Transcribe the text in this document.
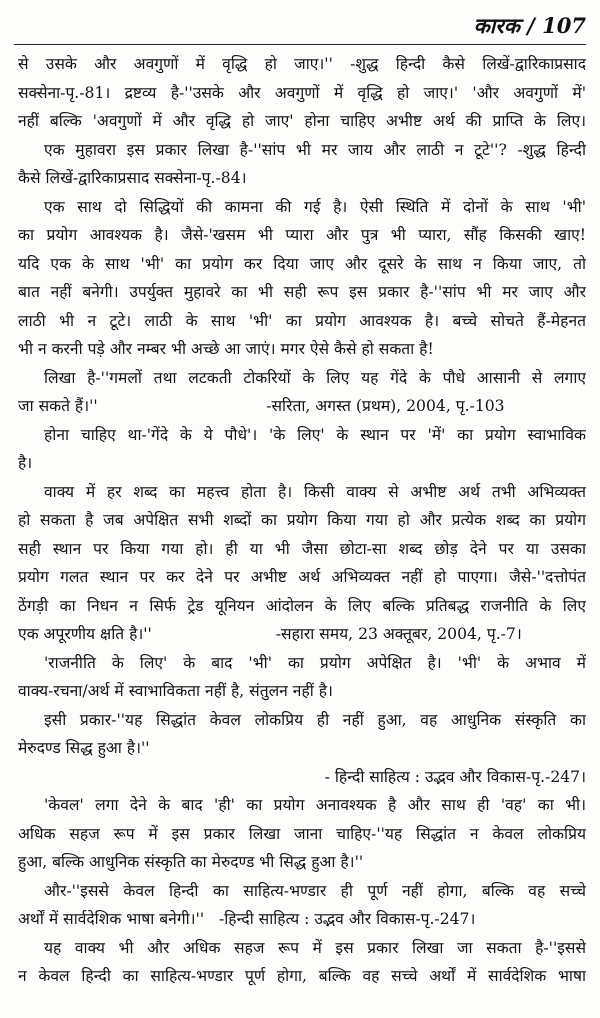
कारक / 107
से उसके और अवगुणों में वृद्धि हो जाए।'' -शुद्ध हिन्दी कैसे लिखें-द्वारिकाप्रसाद
सक्सेना-पृ.-81। द्रष्टव्य है-''उसके और अवगुणों में वृद्धि हो जाए।' 'और अवगुणों में'
नहीं बल्कि 'अवगुणों में और वृद्धि हो जाए' होना चाहिए अभीष्ट अर्थ की प्राप्ति के लिए।
एक मुहावरा इस प्रकार लिखा है-''सांप भी मर जाय और लाठी न टूटे''? -शुद्ध हिन्दी
कैसे लिखें-द्वारिकाप्रसाद सक्सेना-पृ.-84।
एक साथ दो सिद्धियों की कामना की गई है। ऐसी स्थिति में दोनों के साथ 'भी'
का प्रयोग आवश्यक है। जैसे-'खसम भी प्यारा और पुत्र भी प्यारा, सौंह किसकी खाए!
यदि एक के साथ 'भी' का प्रयोग कर दिया जाए और दूसरे के साथ न किया जाए, तो
बात नहीं बनेगी। उपर्युक्त मुहावरे का भी सही रूप इस प्रकार है-''सांप भी मर जाए और
लाठी भी न टूटे। लाठी के साथ 'भी' का प्रयोग आवश्यक है। बच्चे सोचते हैं-मेहनत
भी न करनी पड़े और नम्बर भी अच्छे आ जाएं। मगर ऐसे कैसे हो सकता है!
लिखा है-''गमलों तथा लटकती टोकरियों के लिए यह गेंदे के पौधे आसानी से लगाए
जा सकते हैं।''                                  -सरिता, अगस्त (प्रथम), 2004, पृ.-103
होना चाहिए था-'गेंदे के ये पौधे'। 'के लिए' के स्थान पर 'में' का प्रयोग स्वाभाविक
है।
वाक्य में हर शब्द का महत्त्व होता है। किसी वाक्य से अभीष्ट अर्थ तभी अभिव्यक्त
हो सकता है जब अपेक्षित सभी शब्दों का प्रयोग किया गया हो और प्रत्येक शब्द का प्रयोग
सही स्थान पर किया गया हो। ही या भी जैसा छोटा-सा शब्द छोड़ देने पर या उसका
प्रयोग गलत स्थान पर कर देने पर अभीष्ट अर्थ अभिव्यक्त नहीं हो पाएगा। जैसे-''दत्तोपंत
ठेंगड़ी का निधन न सिर्फ ट्रेड यूनियन आंदोलन के लिए बल्कि प्रतिबद्ध राजनीति के लिए
एक अपूरणीय क्षति है।''                         -सहारा समय, 23 अक्तूबर, 2004, पृ.-7।
'राजनीति के लिए' के बाद 'भी' का प्रयोग अपेक्षित है। 'भी' के अभाव में
वाक्य-रचना/अर्थ में स्वाभाविकता नहीं है, संतुलन नहीं है।
इसी प्रकार-''यह सिद्धांत केवल लोकप्रिय ही नहीं हुआ, वह आधुनिक संस्कृति का
मेरुदण्ड सिद्ध हुआ है।''
- हिन्दी साहित्य : उद्भव और विकास-पृ.-247।
'केवल' लगा देने के बाद 'ही' का प्रयोग अनावश्यक है और साथ ही 'वह' का भी।
अधिक सहज रूप में इस प्रकार लिखा जाना चाहिए-''यह सिद्धांत न केवल लोकप्रिय
हुआ, बल्कि आधुनिक संस्कृति का मेरुदण्ड भी सिद्ध हुआ है।''
और-''इससे केवल हिन्दी का साहित्य-भण्डार ही पूर्ण नहीं होगा, बल्कि वह सच्चे
अर्थों में सार्वदेशिक भाषा बनेगी।''   -हिन्दी साहित्य : उद्भव और विकास-पृ.-247।
यह वाक्य भी और अधिक सहज रूप में इस प्रकार लिखा जा सकता है-''इससे
न केवल हिन्दी का साहित्य-भण्डार पूर्ण होगा, बल्कि वह सच्चे अर्थों में सार्वदेशिक भाषा
